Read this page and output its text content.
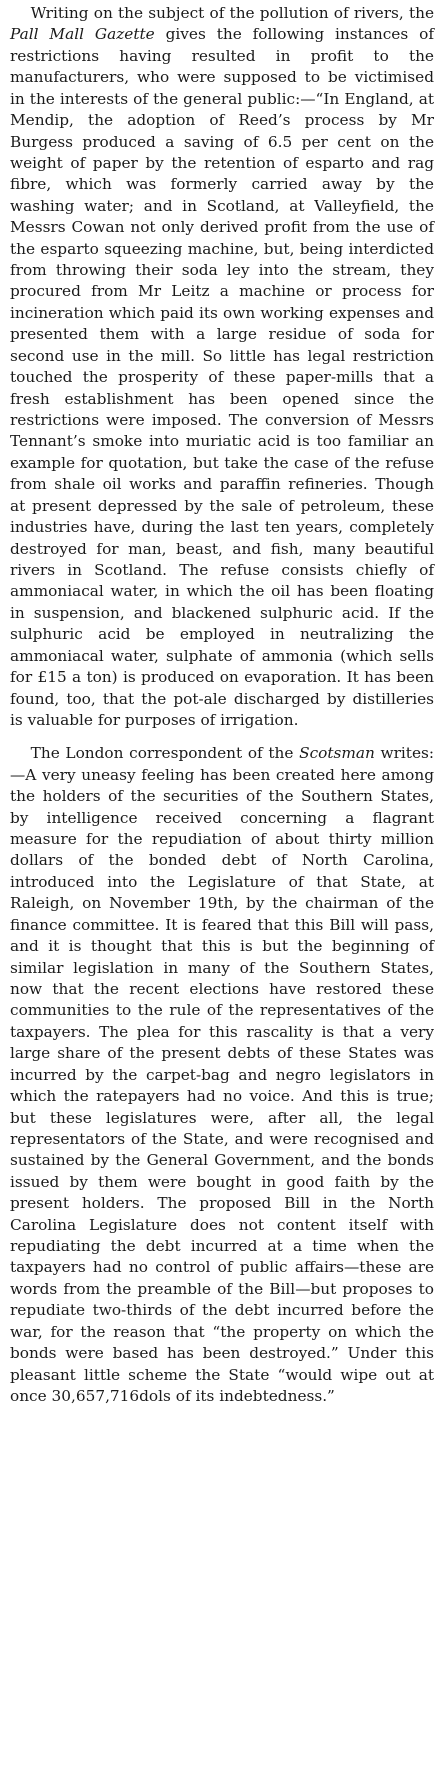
Writing on the subject of the pollution of rivers, the Pall Mall Gazette gives the following instances of restrictions having resulted in profit to the manufacturers, who were supposed to be victimised in the interests of the general public:—“In England, at Mendip, the adoption of Reed’s process by Mr Burgess produced a saving of 6.5 per cent on the weight of paper by the retention of esparto and rag fibre, which was formerly carried away by the washing water; and in Scotland, at Valleyfield, the Messrs Cowan not only derived profit from the use of the esparto squeezing machine, but, being interdicted from throwing their soda ley into the stream, they procured from Mr Leitz a machine or process for incineration which paid its own working expenses and presented them with a large residue of soda for second use in the mill. So little has legal restriction touched the prosperity of these paper-mills that a fresh establishment has been opened since the restrictions were imposed. The conversion of Messrs Tennant’s smoke into muriatic acid is too familiar an example for quotation, but take the case of the refuse from shale oil works and paraffin refineries. Though at present depressed by the sale of petroleum, these industries have, during the last ten years, completely destroyed for man, beast, and fish, many beautiful rivers in Scotland. The refuse consists chiefly of ammoniacal water, in which the oil has been floating in suspension, and blackened sulphuric acid. If the sulphuric acid be employed in neutralizing the ammoniacal water, sulphate of ammonia (which sells for £15 a ton) is produced on evaporation. It has been found, too, that the pot-ale discharged by distilleries is valuable for purposes of irrigation.

The London correspondent of the Scotsman writes:—A very uneasy feeling has been created here among the holders of the securities of the Southern States, by intelligence received concerning a flagrant measure for the repudiation of about thirty million dollars of the bonded debt of North Carolina, introduced into the Legislature of that State, at Raleigh, on November 19th, by the chairman of the finance committee. It is feared that this Bill will pass, and it is thought that this is but the beginning of similar legislation in many of the Southern States, now that the recent elections have restored these communities to the rule of the representatives of the taxpayers. The plea for this rascality is that a very large share of the present debts of these States was incurred by the carpet-bag and negro legislators in which the ratepayers had no voice. And this is true; but these legislatures were, after all, the legal representators of the State, and were recognised and sustained by the General Government, and the bonds issued by them were bought in good faith by the present holders. The proposed Bill in the North Carolina Legislature does not content itself with repudiating the debt incurred at a time when the taxpayers had no control of public affairs—these are words from the preamble of the Bill—but proposes to repudiate two-thirds of the debt incurred before the war, for the reason that “the property on which the bonds were based has been destroyed.” Under this pleasant little scheme the State “would wipe out at once 30,657,716dols of its indebtedness.”
